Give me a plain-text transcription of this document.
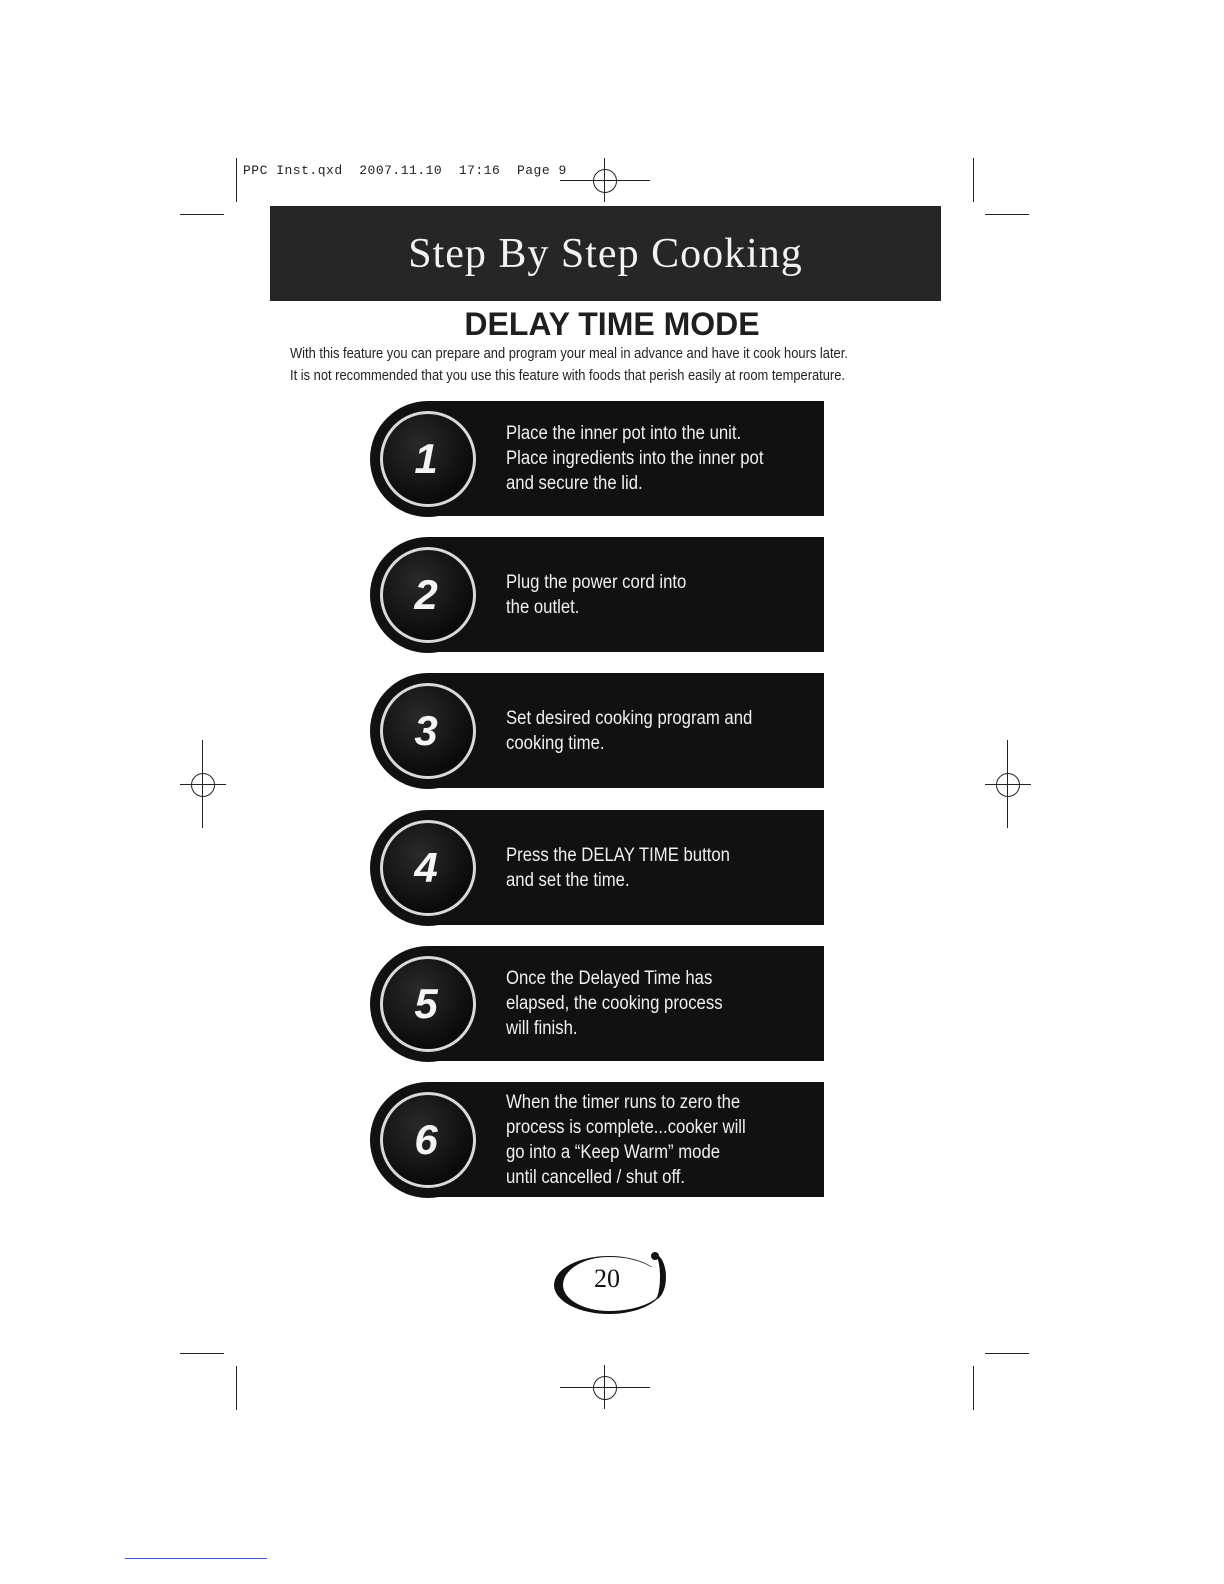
PPC Inst.qxd  2007.11.10  17:16  Page 9
Step By Step Cooking
DELAY TIME MODE
With this feature you can prepare and program your meal in advance and have it cook hours later.
It is not recommended that you use this feature with foods that perish easily at room temperature.
1
Place the inner pot into the unit.
Place ingredients into the inner pot
and secure the lid.
2	Plug the power cord into
the outlet.
3	Set desired cooking program and
cooking time.
4	Press the DELAY TIME button
and set the time.
5
Once the Delayed Time has
elapsed, the cooking process
will finish.
6
When the timer runs to zero the
process is complete...cooker will
go into a “Keep Warm” mode
until cancelled / shut off.
20
